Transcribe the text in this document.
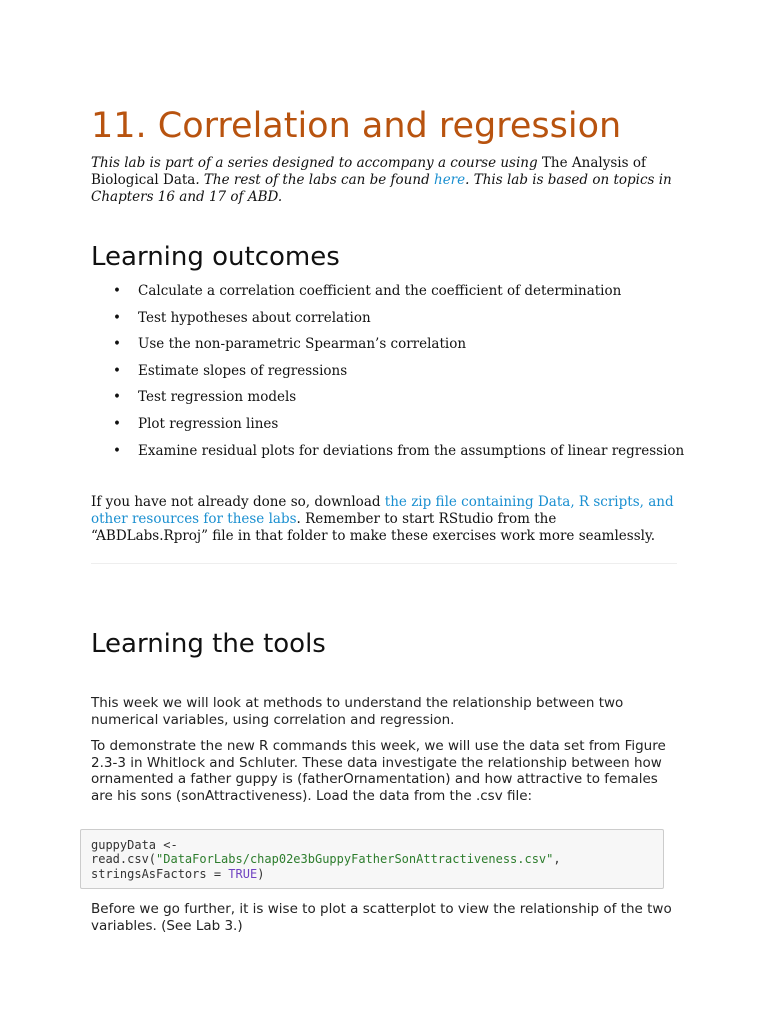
11. Correlation and regression

This lab is part of a series designed to accompany a course using The Analysis of Biological Data. The rest of the labs can be found here. This lab is based on topics in Chapters 16 and 17 of ABD.

Learning outcomes
• Calculate a correlation coefficient and the coefficient of determination
• Test hypotheses about correlation
• Use the non-parametric Spearman’s correlation
• Estimate slopes of regressions
• Test regression models
• Plot regression lines
• Examine residual plots for deviations from the assumptions of linear regression

If you have not already done so, download the zip file containing Data, R scripts, and other resources for these labs. Remember to start RStudio from the “ABDLabs.Rproj” file in that folder to make these exercises work more seamlessly.

Learning the tools

This week we will look at methods to understand the relationship between two numerical variables, using correlation and regression.

To demonstrate the new R commands this week, we will use the data set from Figure 2.3-3 in Whitlock and Schluter. These data investigate the relationship between how ornamented a father guppy is (fatherOrnamentation) and how attractive to females are his sons (sonAttractiveness). Load the data from the .csv file:

guppyData <-
read.csv("DataForLabs/chap02e3bGuppyFatherSonAttractiveness.csv",
stringsAsFactors = TRUE)

Before we go further, it is wise to plot a scatterplot to view the relationship of the two variables. (See Lab 3.)
